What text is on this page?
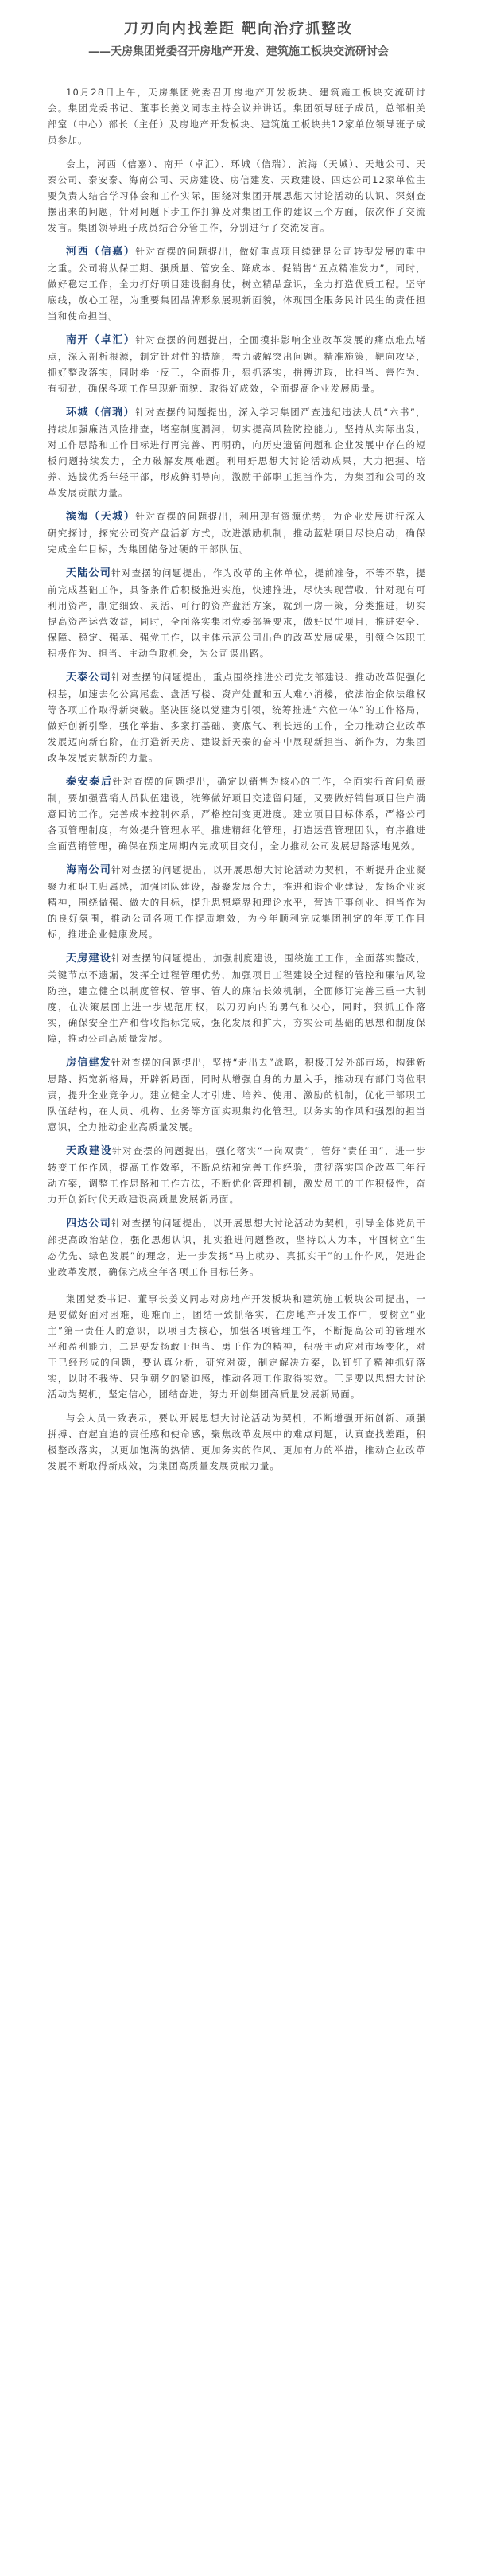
刀刃向内找差距 靶向治疗抓整改
——天房集团党委召开房地产开发、建筑施工板块交流研讨会

10月28日上午，天房集团党委召开房地产开发板块、建筑施工板块交流研讨会。集团党委书记、董事长姜义同志主持会议并讲话。集团领导班子成员，总部相关部室（中心）部长（主任）及房地产开发板块、建筑施工板块共12家单位领导班子成员参加。

会上，河西（信嘉）、南开（卓汇）、环城（信瑞）、滨海（天城）、天地公司、天泰公司、泰安泰、海南公司、天房建设、房信建发、天政建设、四达公司12家单位主要负责人结合学习体会和工作实际，围绕对集团开展思想大讨论活动的认识、深刻查摆出来的问题，针对问题下步工作打算及对集团工作的建议三个方面，依次作了交流发言。集团领导班子成员结合分管工作，分别进行了交流发言。

河西（信嘉）针对查摆的问题提出，做好重点项目续建是公司转型发展的重中之重。公司将从保工期、强质量、管安全、降成本、促销售“五点精准发力”，同时，做好稳定工作，全力打好项目建设翻身仗，树立精品意识，全力打造优质工程。坚守底线，放心工程，为重要集团品牌形象展现新面貌，体现国企服务民计民生的责任担当和使命担当。

南开（卓汇）针对查摆的问题提出，全面摸排影响企业改革发展的痛点难点堵点，深入剖析根源，制定针对性的措施，着力破解突出问题。精准施策，靶向攻坚，抓好整改落实，同时举一反三，全面提升，狠抓落实，拼搏进取，比担当、善作为、有韧劲，确保各项工作呈现新面貌、取得好成效，全面提高企业发展质量。

环城（信瑞）针对查摆的问题提出，深入学习集团严查违纪违法人员“六书”，持续加强廉洁风险排查，堵塞制度漏洞，切实提高风险防控能力。坚持从实际出发，对工作思路和工作目标进行再完善、再明确，向历史遗留问题和企业发展中存在的短板问题持续发力，全力破解发展难题。利用好思想大讨论活动成果，大力把握、培养、选拔优秀年轻干部，形成鲜明导向，激励干部职工担当作为，为集团和公司的改革发展贡献力量。

滨海（天城）针对查摆的问题提出，利用现有资源优势，为企业发展进行深入研究探讨，探究公司资产盘活新方式，改进激励机制，推动蓝粘项目尽快启动，确保完成全年目标，为集团储备过硬的干部队伍。

天陆公司针对查摆的问题提出，作为改革的主体单位，提前准备，不等不靠，提前完成基础工作，具备条件后积极推进实施，快速推进，尽快实现营收，针对现有可利用资产，制定细致、灵活、可行的资产盘活方案，就到一房一策，分类推进，切实提高资产运营效益，同时，全面落实集团党委部署要求，做好民生项目，推进安全、保障、稳定、强基、强党工作，以主体示范公司出色的改革发展成果，引领全体职工积极作为、担当、主动争取机会，为公司谋出路。

天泰公司针对查摆的问题提出，重点围绕推进公司党支部建设、推动改革促强化根基，加速去化公寓尾盘、盘活写楼、资产处置和五大难小消楼，依法治企依法维权等各项工作取得新突破。坚决围绕以党建为引领，统筹推进“六位一体”的工作格局，做好创新引擎，强化举措、多案打基础、赛底气、利长远的工作，全力推动企业改革发展迈向新台阶，在打造新天房、建设新天泰的奋斗中展现新担当、新作为，为集团改革发展贡献新的力量。

泰安泰后针对查摆的问题提出，确定以销售为核心的工作，全面实行首问负责制，要加强营销人员队伍建设，统筹做好项目交遗留问题，又要做好销售项目住户满意回访工作。完善成本控制体系，严格控制变更进度。建立项目目标体系，严格公司各项管理制度，有效提升管理水平。推进精细化管理，打造运营管理团队，有序推进全面营销管理，确保在预定周期内完成项目交付，全力推动公司发展思路落地见效。

海南公司针对查摆的问题提出，以开展思想大讨论活动为契机，不断提升企业凝聚力和职工归属感，加强团队建设，凝聚发展合力，推进和谐企业建设，发扬企业家精神，围绕做强、做大的目标，提升思想境界和理论水平，营造干事创业、担当作为的良好氛围，推动公司各项工作提质增效，为今年顺利完成集团制定的年度工作目标，推进企业健康发展。

天房建设针对查摆的问题提出，加强制度建设，围绕施工工作，全面落实整改，关键节点不遗漏，发挥全过程管理优势，加强项目工程建设全过程的管控和廉洁风险防控，建立健全以制度管权、管事、管人的廉洁长效机制，全面修订完善三重一大制度，在决策层面上进一步规范用权，以刀刃向内的勇气和决心，同时，狠抓工作落实，确保安全生产和营收指标完成，强化发展和扩大，夯实公司基础的思想和制度保障，推动公司高质量发展。

房信建发针对查摆的问题提出，坚持“走出去”战略，积极开发外部市场，构建新思路、拓宽新格局，开辟新局面，同时从增强自身的力量入手，推动现有部门岗位职责，提升企业竞争力。建立健全人才引进、培养、使用、激励的机制，优化干部职工队伍结构，在人员、机构、业务等方面实现集约化管理。以务实的作风和强烈的担当意识，全力推动企业高质量发展。

天政建设针对查摆的问题提出，强化落实“一岗双责”，管好“责任田”，进一步转变工作作风，提高工作效率，不断总结和完善工作经验，贯彻落实国企改革三年行动方案，调整工作思路和工作方法，不断优化管理机制，激发员工的工作积极性，奋力开创新时代天政建设高质量发展新局面。

四达公司针对查摆的问题提出，以开展思想大讨论活动为契机，引导全体党员干部提高政治站位，强化思想认识，扎实推进问题整改，坚持以人为本，牢固树立“生态优先、绿色发展”的理念，进一步发扬“马上就办、真抓实干”的工作作风，促进企业改革发展，确保完成全年各项工作目标任务。

集团党委书记、董事长姜义同志对房地产开发板块和建筑施工板块公司提出，一是要做好面对困难，迎难而上，团结一致抓落实，在房地产开发工作中，要树立“业主”第一责任人的意识，以项目为核心，加强各项管理工作，不断提高公司的管理水平和盈利能力，二是要发扬敢于担当、勇于作为的精神，积极主动应对市场变化，对于已经形成的问题，要认真分析，研究对策，制定解决方案，以钉钉子精神抓好落实，以时不我待、只争朝夕的紧迫感，推动各项工作取得实效。三是要以思想大讨论活动为契机，坚定信心，团结奋进，努力开创集团高质量发展新局面。

与会人员一致表示，要以开展思想大讨论活动为契机，不断增强开拓创新、顽强拼搏、奋起直追的责任感和使命感，聚焦改革发展中的难点问题，认真查找差距，积极整改落实，以更加饱满的热情、更加务实的作风、更加有力的举措，推动企业改革发展不断取得新成效，为集团高质量发展贡献力量。
